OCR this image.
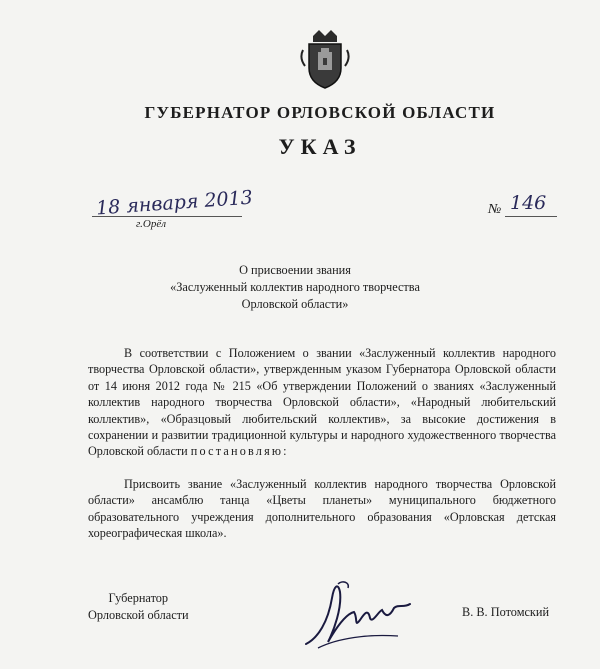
ГУБЕРНАТОР ОРЛОВСКОЙ ОБЛАСТИ
УКАЗ
18 января 2013
г.Орёл
№ 146
О присвоении звания
«Заслуженный коллектив народного творчества
Орловской области»

В соответствии с Положением о звании «Заслуженный коллектив народного творчества Орловской области», утвержденным указом Губернатора Орловской области от 14 июня 2012 года № 215 «Об утверждении Положений о званиях «Заслуженный коллектив народного творчества Орловской области», «Народный любительский коллектив», «Образцовый любительский коллектив», за высокие достижения в сохранении и развитии традиционной культуры и народного художественного творчества Орловской области постановляю:

Присвоить звание «Заслуженный коллектив народного творчества Орловской области» ансамблю танца «Цветы планеты» муниципального бюджетного образовательного учреждения дополнительного образования «Орловская детская хореографическая школа».

Губернатор
Орловской области	В. В. Потомский
